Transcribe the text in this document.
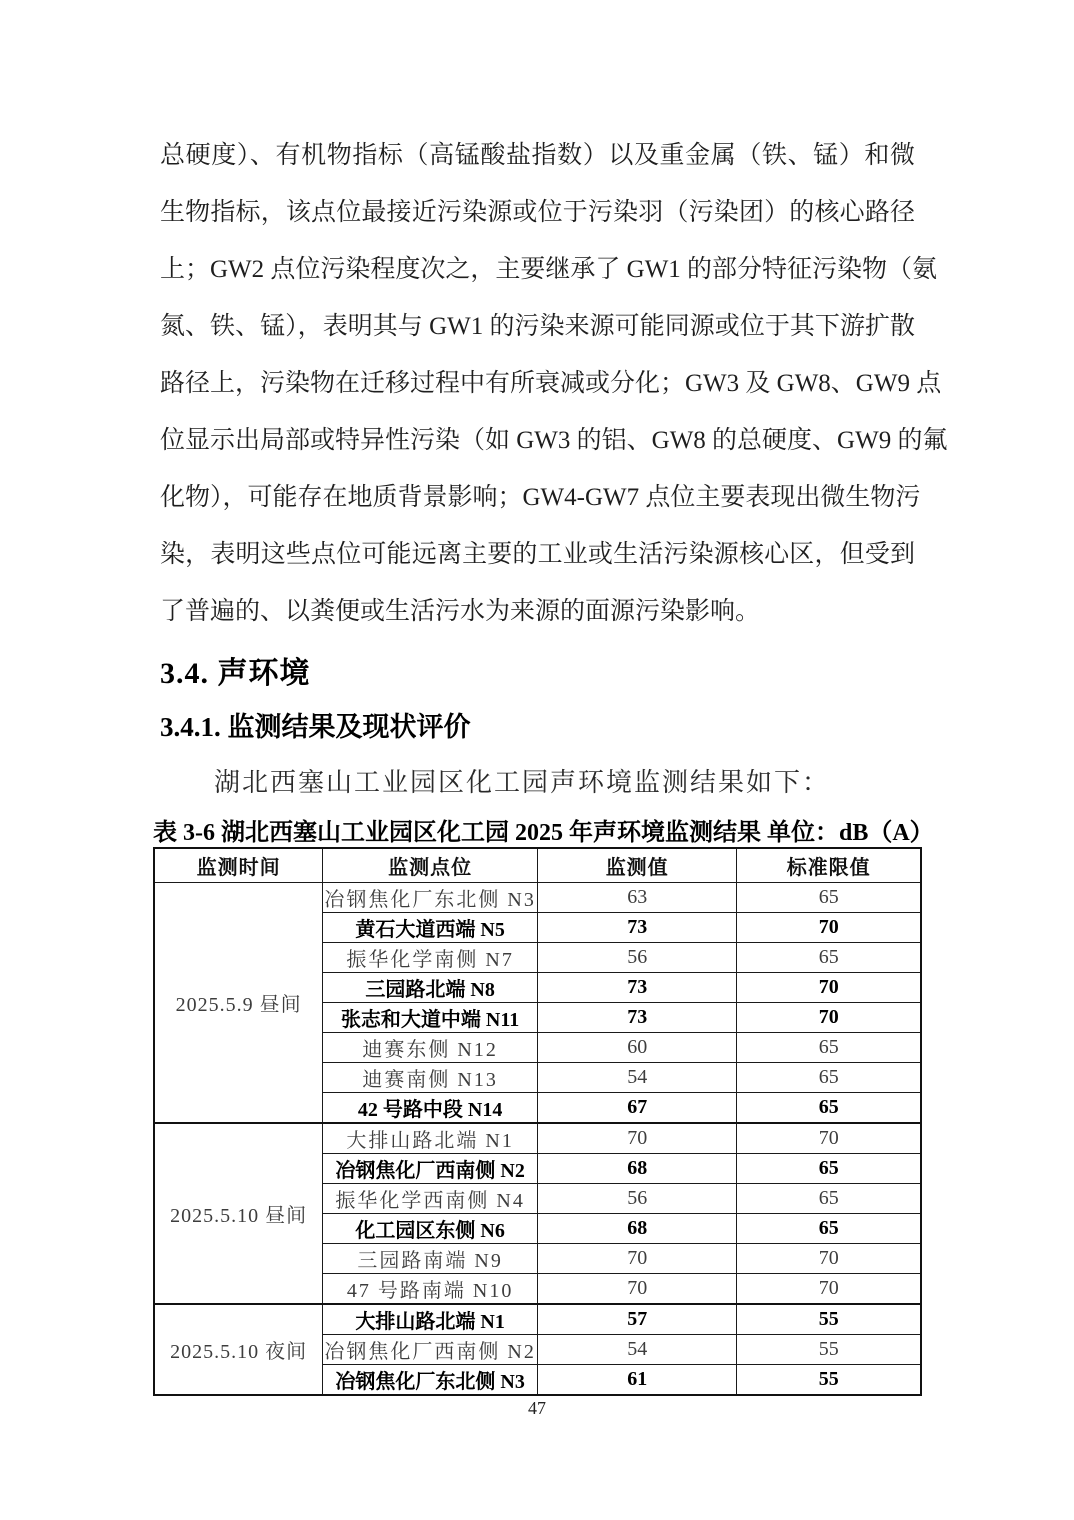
总硬度）、有机物指标（高锰酸盐指数）以及重金属（铁、锰）和微
生物指标，该点位最接近污染源或位于污染羽（污染团）的核心路径
上；GW2 点位污染程度次之，主要继承了 GW1 的部分特征污染物（氨
氮、铁、锰），表明其与 GW1 的污染来源可能同源或位于其下游扩散
路径上，污染物在迁移过程中有所衰减或分化；GW3 及 GW8、GW9 点
位显示出局部或特异性污染（如 GW3 的铝、GW8 的总硬度、GW9 的氟
化物），可能存在地质背景影响；GW4-GW7 点位主要表现出微生物污
染，表明这些点位可能远离主要的工业或生活污染源核心区，但受到
了普遍的、以粪便或生活污水为来源的面源污染影响。
3.4. 声环境
3.4.1. 监测结果及现状评价
湖北西塞山工业园区化工园声环境监测结果如下：
表 3-6 湖北西塞山工业园区化工园 2025 年声环境监测结果 单位：dB（A）
监测时间	监测点位	监测值	标准限值
2025.5.9 昼间	冶钢焦化厂东北侧 N3	63	65
	黄石大道西端 N5	73	70
	振华化学南侧 N7	56	65
	三园路北端 N8	73	70
	张志和大道中端 N11	73	70
	迪赛东侧 N12	60	65
	迪赛南侧 N13	54	65
	42 号路中段 N14	67	65
2025.5.10 昼间	大排山路北端 N1	70	70
	冶钢焦化厂西南侧 N2	68	65
	振华化学西南侧 N4	56	65
	化工园区东侧 N6	68	65
	三园路南端 N9	70	70
	47 号路南端 N10	70	70
2025.5.10 夜间	大排山路北端 N1	57	55
	冶钢焦化厂西南侧 N2	54	55
	冶钢焦化厂东北侧 N3	61	55
47
